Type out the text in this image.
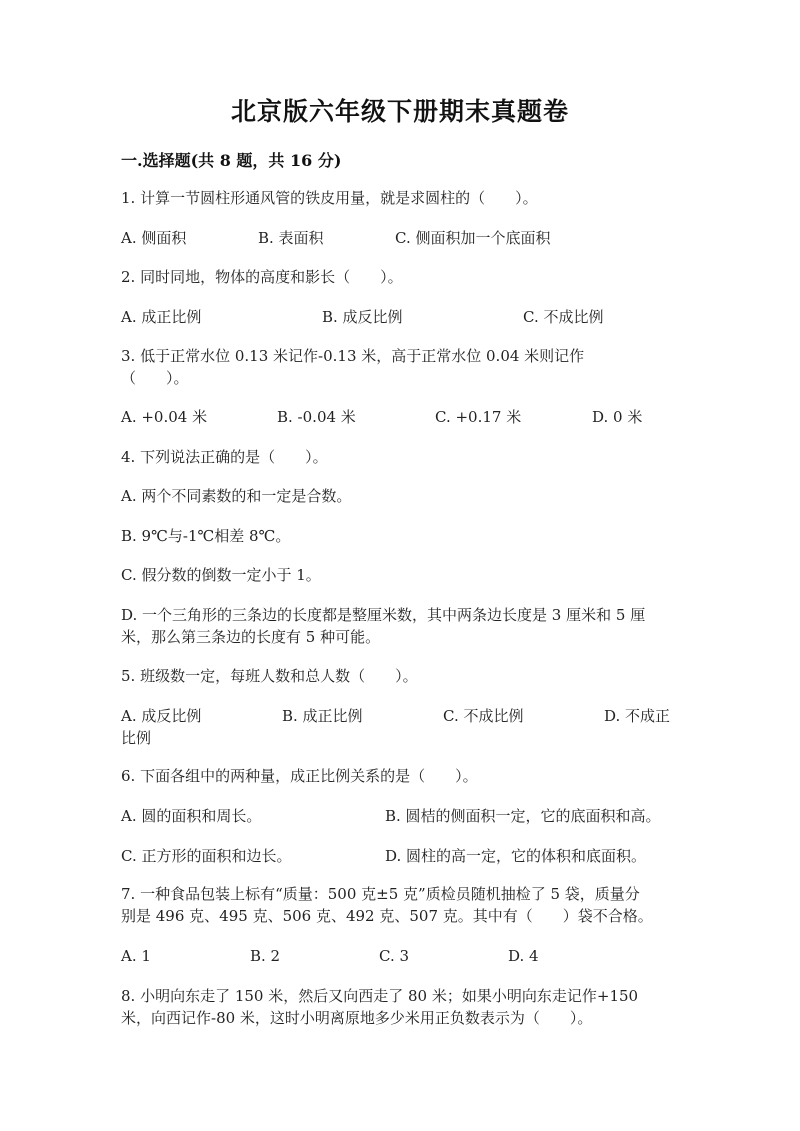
北京版六年级下册期末真题卷
一.选择题(共 8 题，共 16 分)
1. 计算一节圆柱形通风管的铁皮用量，就是求圆柱的（　　）。
A. 侧面积	B. 表面积	C. 侧面积加一个底面积
2. 同时同地，物体的高度和影长（　　）。
A. 成正比例	B. 成反比例	C. 不成比例
3. 低于正常水位 0.13 米记作-0.13 米，高于正常水位 0.04 米则记作
（　　）。
A. +0.04 米	B. -0.04 米	C. +0.17 米	D. 0 米
4. 下列说法正确的是（　　）。
A. 两个不同素数的和一定是合数。
B. 9℃与-1℃相差 8℃。
C. 假分数的倒数一定小于 1。
D. 一个三角形的三条边的长度都是整厘米数，其中两条边长度是 3 厘米和 5 厘
米，那么第三条边的长度有 5 种可能。
5. 班级数一定，每班人数和总人数（　　）。
A. 成反比例	B. 成正比例	C. 不成比例	D. 不成正
比例
6. 下面各组中的两种量，成正比例关系的是（　　）。
A. 圆的面积和周长。	B. 圆桔的侧面积一定，它的底面积和高。
C. 正方形的面积和边长。	D. 圆柱的高一定，它的体积和底面积。
7. 一种食品包装上标有“质量：500 克±5 克”质检员随机抽检了 5 袋，质量分
别是 496 克、495 克、506 克、492 克、507 克。其中有（　　）袋不合格。
A. 1	B. 2	C. 3	D. 4
8. 小明向东走了 150 米，然后又向西走了 80 米；如果小明向东走记作+150
米，向西记作-80 米，这时小明离原地多少米用正负数表示为（　　）。
